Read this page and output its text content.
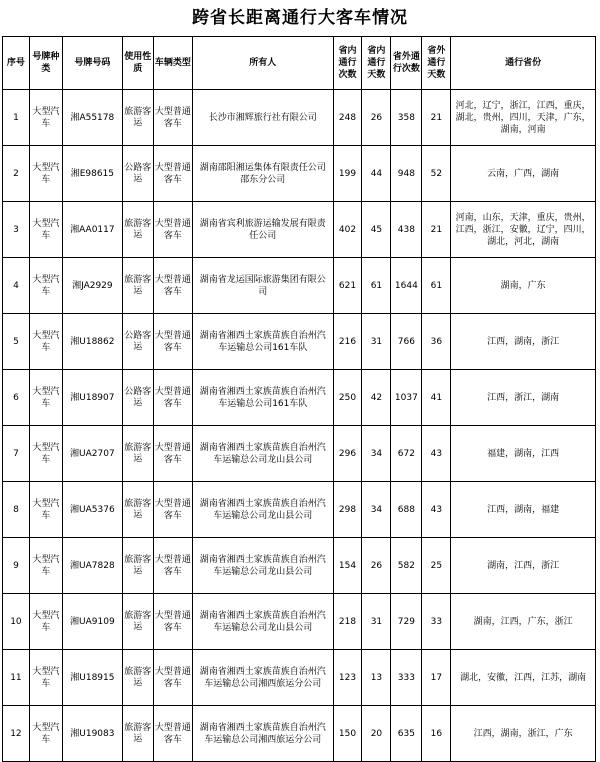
跨省长距离通行大客车情况
序号	号牌种类	号牌号码	使用性质	车辆类型	所有人	省内通行次数	省内通行天数	省外通行次数	省外通行天数	通行省份
1	大型汽车	湘A55178	旅游客运	大型普通客车	长沙市湘辉旅行社有限公司	248	26	358	21	河北，辽宁，浙江，江西，重庆，湖北，贵州，四川，天津，广东，湖南，河南
2	大型汽车	湘E98615	公路客运	大型普通客车	湖南邵阳湘运集体有限责任公司邵东分公司	199	44	948	52	云南，广西，湖南
3	大型汽车	湘AA0117	旅游客运	大型普通客车	湖南省宾利旅游运输发展有限责任公司	402	45	438	21	河南，山东，天津，重庆，贵州，江西，浙江，安徽，辽宁，四川，湖北，河北，湖南
4	大型汽车	湘JA2929	旅游客运	大型普通客车	湖南省龙运国际旅游集团有限公司	621	61	1644	61	湖南，广东
5	大型汽车	湘U18862	公路客运	大型普通客车	湖南省湘西土家族苗族自治州汽车运输总公司161车队	216	31	766	36	江西，湖南，浙江
6	大型汽车	湘U18907	公路客运	大型普通客车	湖南省湘西土家族苗族自治州汽车运输总公司161车队	250	42	1037	41	江西，浙江，湖南
7	大型汽车	湘UA2707	旅游客运	大型普通客车	湖南省湘西土家族苗族自治州汽车运输总公司龙山县公司	296	34	672	43	福建，湖南，江西
8	大型汽车	湘UA5376	旅游客运	大型普通客车	湖南省湘西土家族苗族自治州汽车运输总公司龙山县公司	298	34	688	43	江西，湖南，福建
9	大型汽车	湘UA7828	旅游客运	大型普通客车	湖南省湘西土家族苗族自治州汽车运输总公司龙山县公司	154	26	582	25	湖南，江西，浙江
10	大型汽车	湘UA9109	旅游客运	大型普通客车	湖南省湘西土家族苗族自治州汽车运输总公司龙山县公司	218	31	729	33	湖南，江西，广东，浙江
11	大型汽车	湘U18915	旅游客运	大型普通客车	湖南省湘西土家族苗族自治州汽车运输总公司湘西旅运分公司	123	13	333	17	湖北，安徽，江西，江苏，湖南
12	大型汽车	湘U19083	旅游客运	大型普通客车	湖南省湘西土家族苗族自治州汽车运输总公司湘西旅运分公司	150	20	635	16	江西，湖南，浙江，广东
